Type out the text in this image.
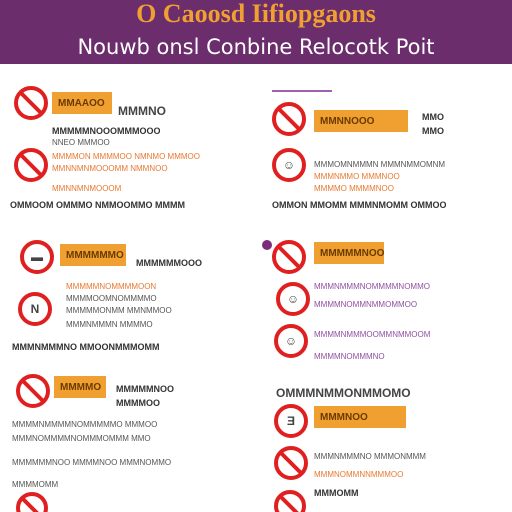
O Caoosd Iifiopgaons
Nouwb onsl Conbine Relocotk Poit
MMAAOO
MMMNO
MMMMMNOOOMMMOOO
NNEO MMMOO
MMMMON MMMMOO NMNMO MMMOO
MMNNMNMOOOMM NMMNOO
MMNNMNMOOOM
OMMOOM OMMMO NMMOOMMO MMMM
MMNNOOO	MMO
MMO
☺	MMMOMNMMMN MMMNMMOMNM
MMMNMMO MMMNOO
MMMMO MMMMNOO
OMMON MMOMM MMMNMOMM OMMOO
▬	MMMMMMO
MMMMMMOOO
MMMMMNOMMMMOON
N
MMMMOOMNOMMMMO
MMMMMONMM MMNMMOO
MMMNMMMN MMMMO
MMMNMMMNO MMOONMMMOMM
MMMMMNOO
☺
MMMNMMMNOMMMMNOMMO
MMMMNOMMNMMOMMOO
☺	MMMMNMMMOOMMNMMOOM
MMMMNOMMMNO
MMMMO	MMMMMNOO
MMMMOO
MMMMNMMMMNOMMMMMO MMMOO
MMMNOMMMMNOMMMOMMM MMO
MMMMMMNOO MMMMNOO MMMNOMMO
MMMMOMM
OMMMNMMONMMOMO
Ǝ	MMMNOO
MMMNMMMNO MMMONMMM
MMMNOMMNNMMMOO
MMMOMM
